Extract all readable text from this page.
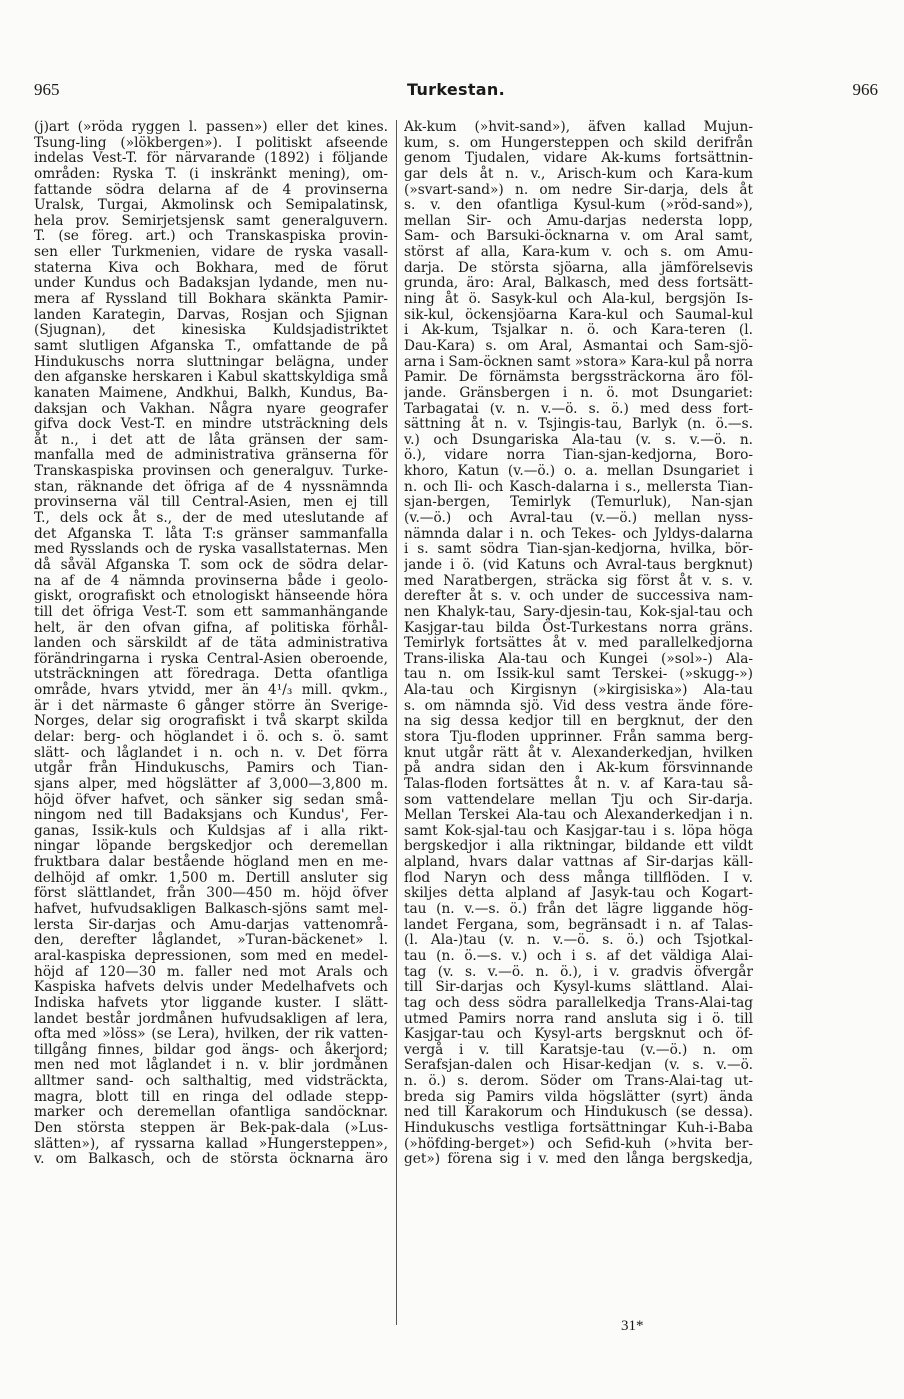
965	Turkestan.	966
(j)art (»röda ryggen l. passen») eller det kines.
Tsung-ling (»lökbergen»). I politiskt afseende
indelas Vest-T. för närvarande (1892) i följande
områden: Ryska T. (i inskränkt mening), om-
fattande södra delarna af de 4 provinserna
Uralsk, Turgai, Akmolinsk och Semipalatinsk,
hela prov. Semirjetsjensk samt generalguvern.
T. (se föreg. art.) och Transkaspiska provin-
sen eller Turkmenien, vidare de ryska vasall-
staterna Kiva och Bokhara, med de förut
under Kundus och Badaksjan lydande, men nu-
mera af Ryssland till Bokhara skänkta Pamir-
landen Karategin, Darvas, Rosjan och Sjignan
(Sjugnan), det kinesiska Kuldsjadistriktet
samt slutligen Afganska T., omfattande de på
Hindukuschs norra sluttningar belägna, under
den afganske herskaren i Kabul skattskyldiga små
kanaten Maimene, Andkhui, Balkh, Kundus, Ba-
daksjan och Vakhan. Några nyare geografer
gifva dock Vest-T. en mindre utsträckning dels
åt n., i det att de låta gränsen der sam-
manfalla med de administrativa gränserna för
Transkaspiska provinsen och generalguv. Turke-
stan, räknande det öfriga af de 4 nyssnämnda
provinserna väl till Central-Asien, men ej till
T., dels ock åt s., der de med uteslutande af
det Afganska T. låta T:s gränser sammanfalla
med Rysslands och de ryska vasallstaternas. Men
då såväl Afganska T. som ock de södra delar-
na af de 4 nämnda provinserna både i geolo-
giskt, orografiskt och etnologiskt hänseende höra
till det öfriga Vest-T. som ett sammanhängande
helt, är den ofvan gifna, af politiska förhål-
landen och särskildt af de täta administrativa
förändringarna i ryska Central-Asien oberoende,
utsträckningen att föredraga. Detta ofantliga
område, hvars ytvidd, mer än 4¹/₃ mill. qvkm.,
är i det närmaste 6 gånger större än Sverige-
Norges, delar sig orografiskt i två skarpt skilda
delar: berg- och höglandet i ö. och s. ö. samt
slätt- och låglandet i n. och n. v. Det förra
utgår från Hindukuschs, Pamirs och Tian-
sjans alper, med högslätter af 3,000—3,800 m.
höjd öfver hafvet, och sänker sig sedan små-
ningom ned till Badaksjans och Kundus', Fer-
ganas, Issik-kuls och Kuldsjas af i alla rikt-
ningar löpande bergskedjor och deremellan
fruktbara dalar bestående högland men en me-
delhöjd af omkr. 1,500 m. Dertill ansluter sig
först slättlandet, från 300—450 m. höjd öfver
hafvet, hufvudsakligen Balkasch-sjöns samt mel-
lersta Sir-darjas och Amu-darjas vattenområ-
den, derefter låglandet, »Turan-bäckenet» l.
aral-kaspiska depressionen, som med en medel-
höjd af 120—30 m. faller ned mot Arals och
Kaspiska hafvets delvis under Medelhafvets och
Indiska hafvets ytor liggande kuster. I slätt-
landet består jordmånen hufvudsakligen af lera,
ofta med »löss» (se Lera), hvilken, der rik vatten-
tillgång finnes, bildar god ängs- och åkerjord;
men ned mot låglandet i n. v. blir jordmånen
alltmer sand- och salthaltig, med vidsträckta,
magra, blott till en ringa del odlade stepp-
marker och deremellan ofantliga sandöcknar.
Den största steppen är Bek-pak-dala (»Lus-
slätten»), af ryssarna kallad »Hungersteppen»,
v. om Balkasch, och de största öcknarna äro
Ak-kum (»hvit-sand»), äfven kallad Mujun-
kum, s. om Hungersteppen och skild derifrån
genom Tjudalen, vidare Ak-kums fortsättnin-
gar dels åt n. v., Arisch-kum och Kara-kum
(»svart-sand») n. om nedre Sir-darja, dels åt
s. v. den ofantliga Kysul-kum (»röd-sand»),
mellan Sir- och Amu-darjas nedersta lopp,
Sam- och Barsuki-öcknarna v. om Aral samt,
störst af alla, Kara-kum v. och s. om Amu-
darja. De största sjöarna, alla jämförelsevis
grunda, äro: Aral, Balkasch, med dess fortsätt-
ning åt ö. Sasyk-kul och Ala-kul, bergsjön Is-
sik-kul, öckensjöarna Kara-kul och Saumal-kul
i Ak-kum, Tsjalkar n. ö. och Kara-teren (l.
Dau-Kara) s. om Aral, Asmantai och Sam-sjö-
arna i Sam-öcknen samt »stora» Kara-kul på norra
Pamir. De förnämsta bergssträckorna äro föl-
jande. Gränsbergen i n. ö. mot Dsungariet:
Tarbagatai (v. n. v.—ö. s. ö.) med dess fort-
sättning åt n. v. Tsjingis-tau, Barlyk (n. ö.—s.
v.) och Dsungariska Ala-tau (v. s. v.—ö. n.
ö.), vidare norra Tian-sjan-kedjorna, Boro-
khoro, Katun (v.—ö.) o. a. mellan Dsungariet i
n. och Ili- och Kasch-dalarna i s., mellersta Tian-
sjan-bergen, Temirlyk (Temurluk), Nan-sjan
(v.—ö.) och Avral-tau (v.—ö.) mellan nyss-
nämnda dalar i n. och Tekes- och Jyldys-dalarna
i s. samt södra Tian-sjan-kedjorna, hvilka, bör-
jande i ö. (vid Katuns och Avral-taus bergknut)
med Naratbergen, sträcka sig först åt v. s. v.
derefter åt s. v. och under de successiva nam-
nen Khalyk-tau, Sary-djesin-tau, Kok-sjal-tau och
Kasjgar-tau bilda Öst-Turkestans norra gräns.
Temirlyk fortsättes åt v. med parallelkedjorna
Trans-iliska Ala-tau och Kungei (»sol»-) Ala-
tau n. om Issik-kul samt Terskei- (»skugg-»)
Ala-tau och Kirgisnyn (»kirgisiska») Ala-tau
s. om nämnda sjö. Vid dess vestra ände före-
na sig dessa kedjor till en bergknut, der den
stora Tju-floden upprinner. Från samma berg-
knut utgår rätt åt v. Alexanderkedjan, hvilken
på andra sidan den i Ak-kum försvinnande
Talas-floden fortsättes åt n. v. af Kara-tau så-
som vattendelare mellan Tju och Sir-darja.
Mellan Terskei Ala-tau och Alexanderkedjan i n.
samt Kok-sjal-tau och Kasjgar-tau i s. löpa höga
bergskedjor i alla riktningar, bildande ett vildt
alpland, hvars dalar vattnas af Sir-darjas käll-
flod Naryn och dess många tillflöden. I v.
skiljes detta alpland af Jasyk-tau och Kogart-
tau (n. v.—s. ö.) från det lägre liggande hög-
landet Fergana, som, begränsadt i n. af Talas-
(l. Ala-)tau (v. n. v.—ö. s. ö.) och Tsjotkal-
tau (n. ö.—s. v.) och i s. af det väldiga Alai-
tag (v. s. v.—ö. n. ö.), i v. gradvis öfvergår
till Sir-darjas och Kysyl-kums slättland. Alai-
tag och dess södra parallelkedja Trans-Alai-tag
utmed Pamirs norra rand ansluta sig i ö. till
Kasjgar-tau och Kysyl-arts bergsknut och öf-
vergå i v. till Karatsje-tau (v.—ö.) n. om
Serafsjan-dalen och Hisar-kedjan (v. s. v.—ö.
n. ö.) s. derom. Söder om Trans-Alai-tag ut-
breda sig Pamirs vilda högslätter (syrt) ända
ned till Karakorum och Hindukusch (se dessa).
Hindukuschs vestliga fortsättningar Kuh-i-Baba
(»höfding-berget») och Sefid-kuh (»hvita ber-
get») förena sig i v. med den långa bergskedja,
31*
